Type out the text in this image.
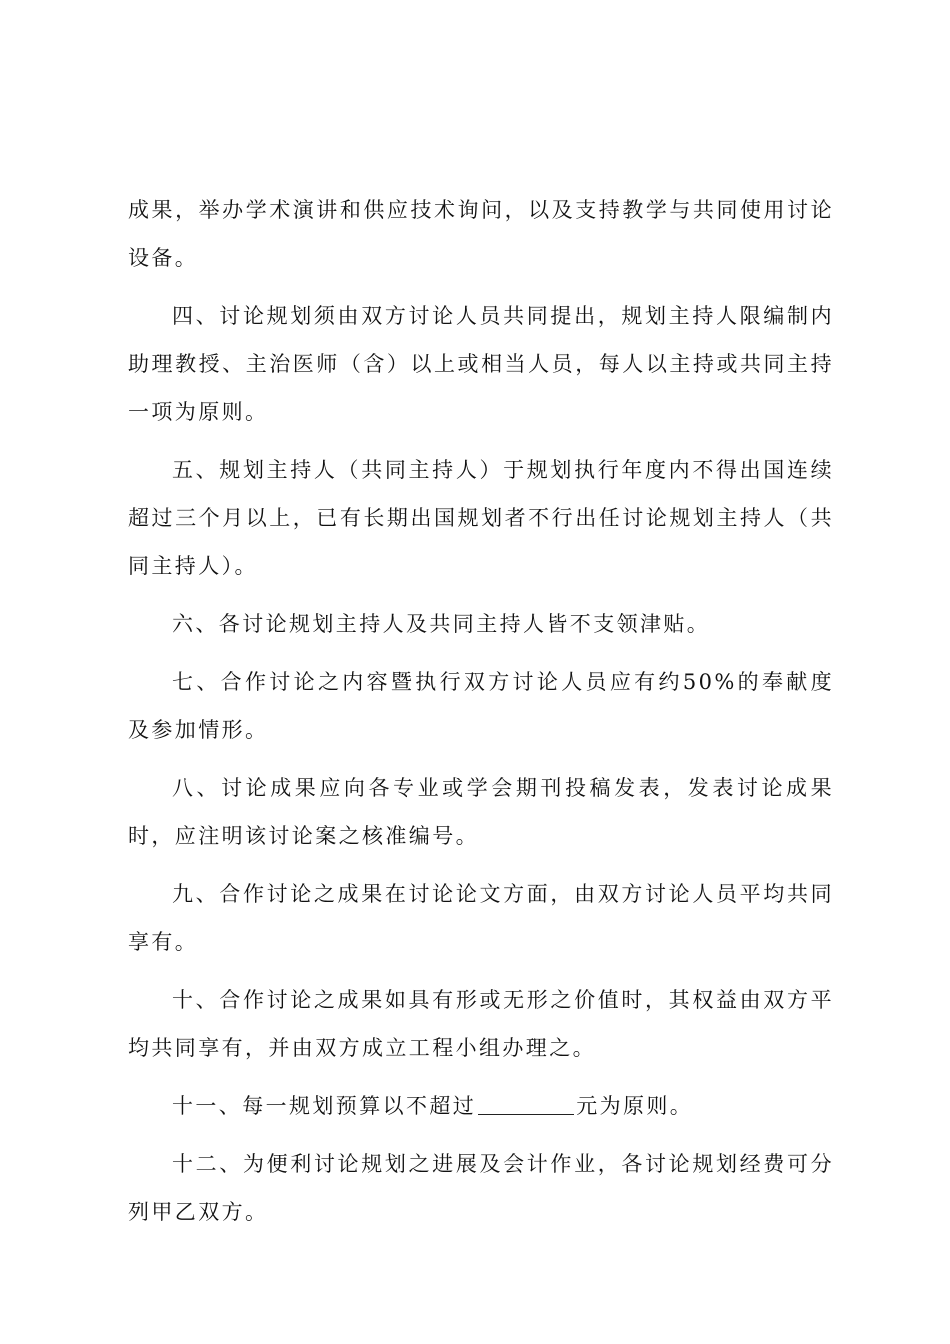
成果，举办学术演讲和供应技术询问，以及支持教学与共同使用讨论设备。

四、讨论规划须由双方讨论人员共同提出，规划主持人限编制内助理教授、主治医师（含）以上或相当人员，每人以主持或共同主持一项为原则。

五、规划主持人（共同主持人）于规划执行年度内不得出国连续超过三个月以上，已有长期出国规划者不行出任讨论规划主持人（共同主持人）。

六、各讨论规划主持人及共同主持人皆不支领津贴。

七、合作讨论之内容暨执行双方讨论人员应有约50%的奉献度及参加情形。

八、讨论成果应向各专业或学会期刊投稿发表，发表讨论成果时，应注明该讨论案之核准编号。

九、合作讨论之成果在讨论论文方面，由双方讨论人员平均共同享有。

十、合作讨论之成果如具有形或无形之价值时，其权益由双方平均共同享有，并由双方成立工程小组办理之。

十一、每一规划预算以不超过	元为原则。

十二、为便利讨论规划之进展及会计作业，各讨论规划经费可分列甲乙双方。
